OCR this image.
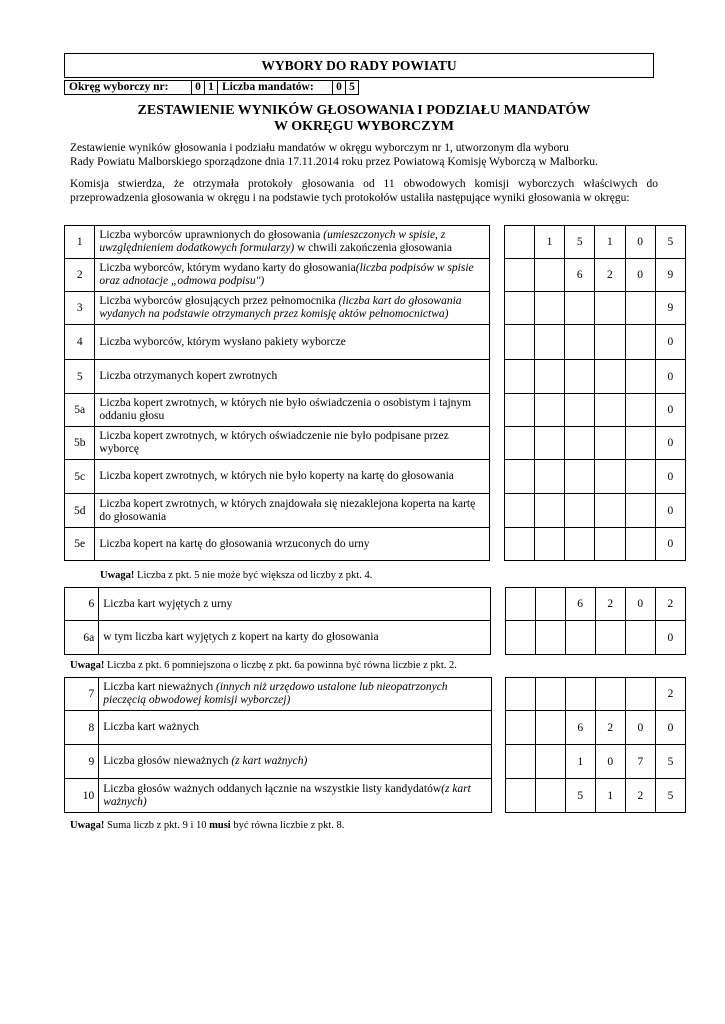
WYBORY DO RADY POWIATU
Okręg wyborczy nr:	0	1	Liczba mandatów:	0	5
ZESTAWIENIE WYNIKÓW GŁOSOWANIA I PODZIAŁU MANDATÓW
W OKRĘGU WYBORCZYM
Zestawienie wyników głosowania i podziału mandatów w okręgu wyborczym nr 1, utworzonym dla wyboru
Rady Powiatu Malborskiego sporządzone dnia 17.11.2014 roku przez Powiatową Komisję Wyborczą w Malborku.
Komisja stwierdza, że otrzymała protokoły głosowania od 11 obwodowych komisji wyborczych właściwych do przeprowadzenia głosowania w okręgu i na podstawie tych protokołów ustaliła następujące wyniki głosowania w okręgu:
1	Liczba wyborców uprawnionych do głosowania (umieszczonych w spisie, z uwzględnieniem dodatkowych formularzy) w chwili zakończenia głosowania			1	5	1	0	5
2	Liczba wyborców, którym wydano karty do głosowania(liczba podpisów w spisie oraz adnotacje „odmowa podpisu")				6	2	0	9
3	Liczba wyborców głosujących przez pełnomocnika (liczba kart do głosowania wydanych na podstawie otrzymanych przez komisję aktów pełnomocnictwa)							9
4	Liczba wyborców, którym wysłano pakiety wyborcze							0
5	Liczba otrzymanych kopert zwrotnych							0
5a	Liczba kopert zwrotnych, w których nie było oświadczenia o osobistym i tajnym oddaniu głosu							0
5b	Liczba kopert zwrotnych, w których oświadczenie nie było podpisane przez wyborcę							0
5c	Liczba kopert zwrotnych, w których nie było koperty na kartę do głosowania							0
5d	Liczba kopert zwrotnych, w których znajdowała się niezaklejona koperta na kartę do głosowania							0
5e	Liczba kopert na kartę do głosowania wrzuconych do urny							0
Uwaga! Liczba z pkt. 5 nie może być większa od liczby z pkt. 4.
6	Liczba kart wyjętych z urny				6	2	0	2
6a	w tym liczba kart wyjętych z kopert na karty do głosowania							0
Uwaga! Liczba z pkt. 6 pomniejszona o liczbę z pkt. 6a powinna być równa liczbie z pkt. 2.
7	Liczba kart nieważnych (innych niż urzędowo ustalone lub nieopatrzonych pieczęcią obwodowej komisji wyborczej)							2
8	Liczba kart ważnych				6	2	0	0
9	Liczba głosów nieważnych (z kart ważnych)				1	0	7	5
10	Liczba głosów ważnych oddanych łącznie na wszystkie listy kandydatów(z kart ważnych)				5	1	2	5
Uwaga! Suma liczb z pkt. 9 i 10 musi być równa liczbie z pkt. 8.
